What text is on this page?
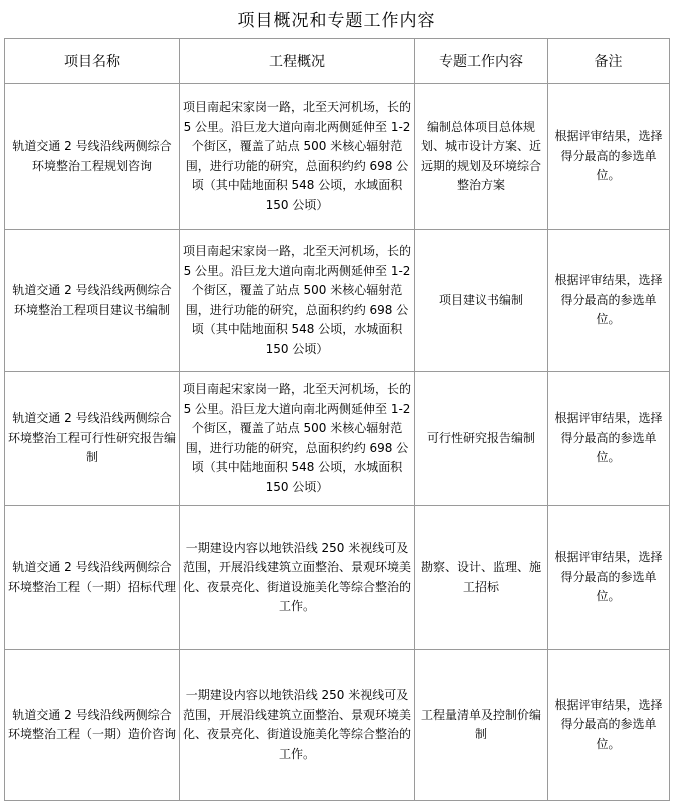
项目概况和专题工作内容
项目名称	工程概况	专题工作内容	备注
轨道交通 2 号线沿线两侧综合环境整治工程规划咨询	项目南起宋家岗一路，北至天河机场，长的 5 公里。沿巨龙大道向南北两侧延伸至 1-2 个街区，覆盖了站点 500 米核心辐射范围，进行功能的研究，总面积约约 698 公顷（其中陆地面积 548 公顷，水域面积 150 公顷）	编制总体项目总体规划、城市设计方案、近远期的规划及环境综合整治方案	根据评审结果，选择得分最高的参选单位。
轨道交通 2 号线沿线两侧综合环境整治工程项目建议书编制	项目南起宋家岗一路，北至天河机场，长的 5 公里。沿巨龙大道向南北两侧延伸至 1-2 个街区，覆盖了站点 500 米核心辐射范围，进行功能的研究，总面积约约 698 公顷（其中陆地面积 548 公顷，水城面积 150 公顷）	项目建议书编制	根据评审结果，选择得分最高的参选单位。
轨道交通 2 号线沿线两侧综合环境整治工程可行性研究报告编制	项目南起宋家岗一路，北至天河机场，长的 5 公里。沿巨龙大道向南北两侧延伸至 1-2 个街区，覆盖了站点 500 米核心辐射范围，进行功能的研究，总面积约约 698 公顷（其中陆地面积 548 公顷，水城面积 150 公顷）	可行性研究报告编制	根据评审结果，选择得分最高的参选单位。
轨道交通 2 号线沿线两侧综合环境整治工程（一期）招标代理	一期建设内容以地铁沿线 250 米视线可及范围，开展沿线建筑立面整治、景观环境美化、夜景亮化、街道设施美化等综合整治的工作。	勘察、设计、监理、施工招标	根据评审结果，选择得分最高的参选单位。
轨道交通 2 号线沿线两侧综合环境整治工程（一期）造价咨询	一期建设内容以地铁沿线 250 米视线可及范围，开展沿线建筑立面整治、景观环境美化、夜景亮化、街道设施美化等综合整治的工作。	工程量清单及控制价编制	根据评审结果，选择得分最高的参选单位。
